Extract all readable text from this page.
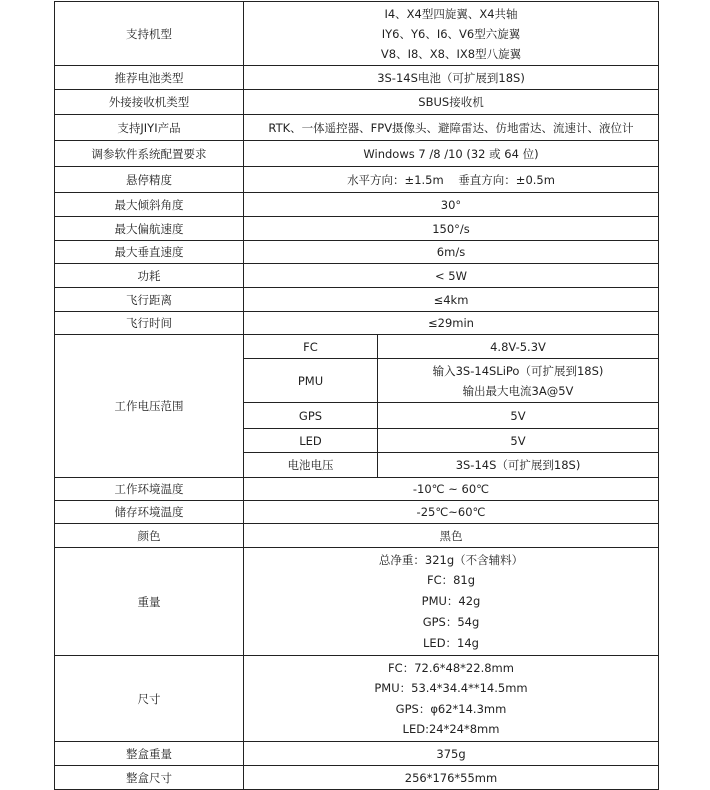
支持机型	I4、X4型四旋翼、X4共轴
IY6、Y6、I6、V6型六旋翼
V8、I8、X8、IX8型八旋翼	

推荐电池类型	3S-14S电池（可扩展到18S)	
外接接收机类型	SBUS接收机	
支持JIYI产品	RTK、一体遥控器、FPV摄像头、避障雷达、仿地雷达、流速计、液位计	
调参软件系统配置要求	Windows 7 /8 /10 (32 或 64 位)	
悬停精度	水平方向：±1.5m    垂直方向：±0.5m	
最大倾斜角度	30°	
最大偏航速度	150°/s	
最大垂直速度	6m/s	
功耗	< 5W	
飞行距离	≤4km	
飞行时间	≤29min	
工作电压范围	FC	4.8V-5.3V
	PMU	输入3S-14SLiPo（可扩展到18S)
输出最大电流3A@5V

	GPS	5V
	LED	5V
	电池电压	3S-14S（可扩展到18S)
工作环境温度	-10℃ ~ 60℃	
储存环境温度	-25℃~60℃	
颜色	黑色	
重量	总净重：321g（不含辅料）
FC：81g
PMU：42g
GPS：54g
LED：14g	

尺寸	FC：72.6*48*22.8mm
PMU：53.4*34.4**14.5mm
GPS：φ62*14.3mm
LED:24*24*8mm	

整盒重量	375g	
整盒尺寸	256*176*55mm	
